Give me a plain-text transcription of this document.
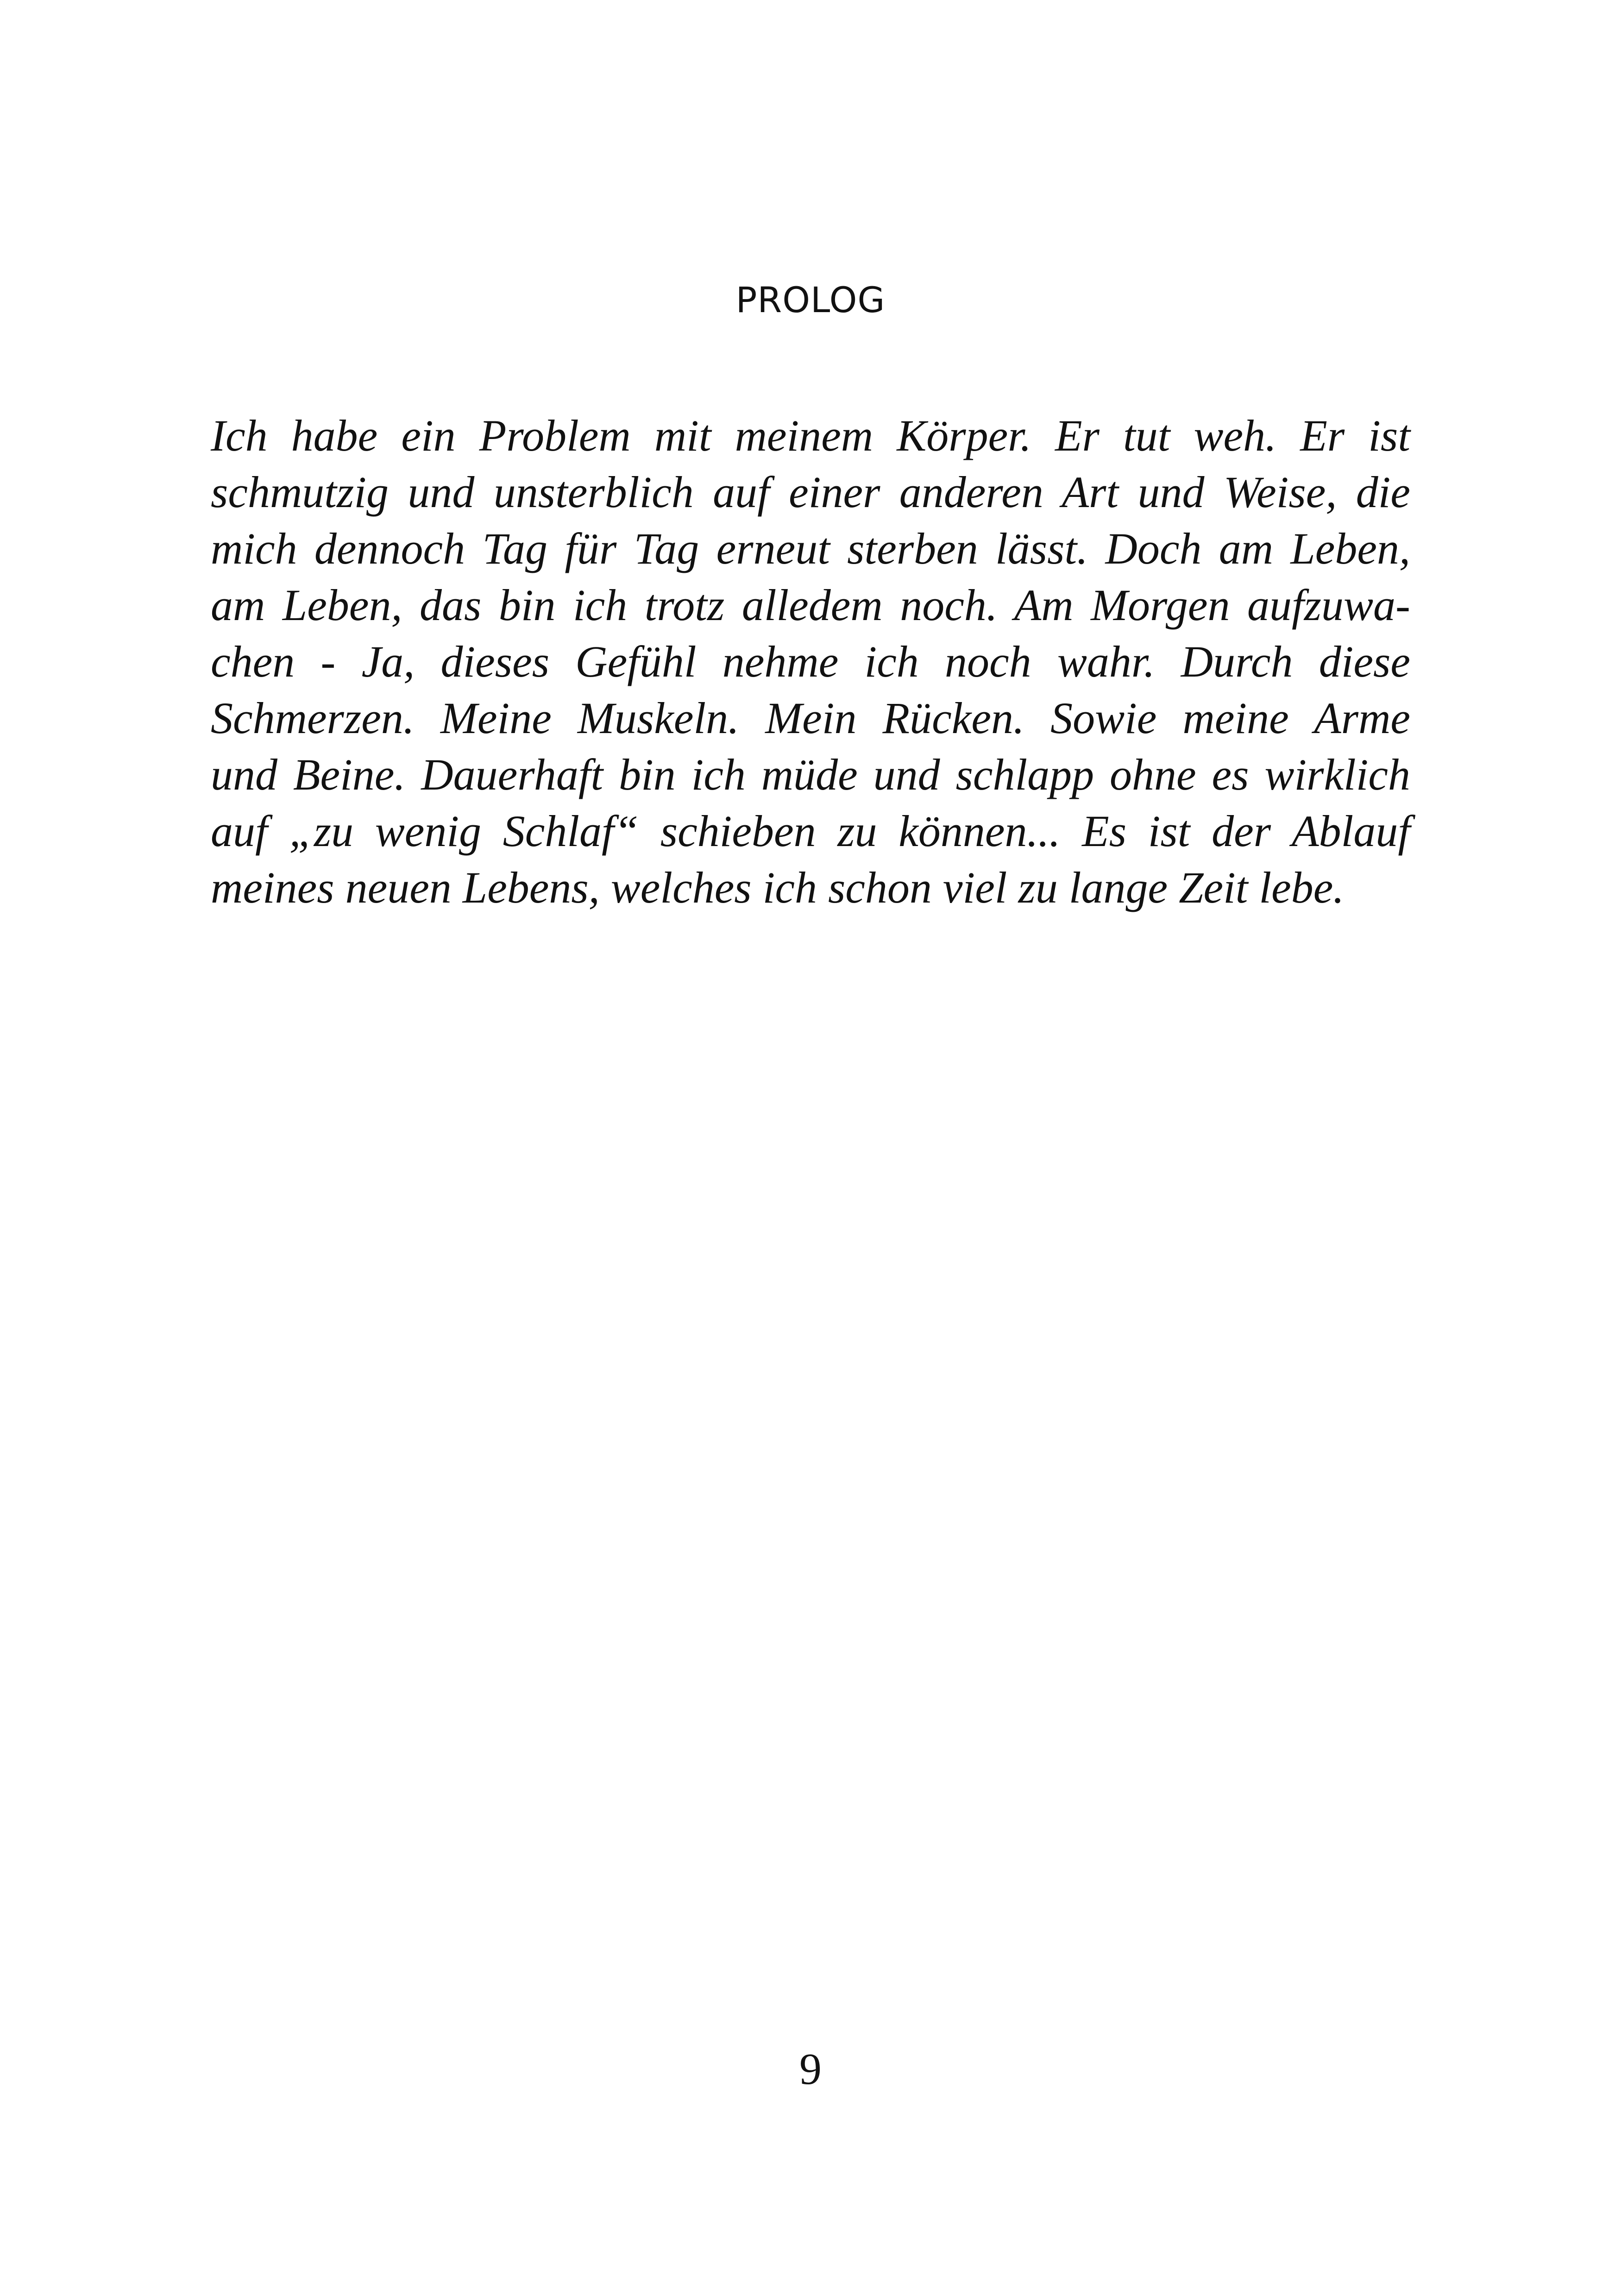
PROLOG
Ich habe ein Problem mit meinem Körper. Er tut weh. Er ist
schmutzig und unsterblich auf einer anderen Art und Weise, die
mich dennoch Tag für Tag erneut sterben lässt. Doch am Leben,
am Leben, das bin ich trotz alledem noch. Am Morgen aufzuwa-
chen - Ja, dieses Gefühl nehme ich noch wahr. Durch diese
Schmerzen. Meine Muskeln. Mein Rücken. Sowie meine Arme
und Beine. Dauerhaft bin ich müde und schlapp ohne es wirklich
auf „zu wenig Schlaf“ schieben zu können... Es ist der Ablauf
meines neuen Lebens, welches ich schon viel zu lange Zeit lebe.
9
